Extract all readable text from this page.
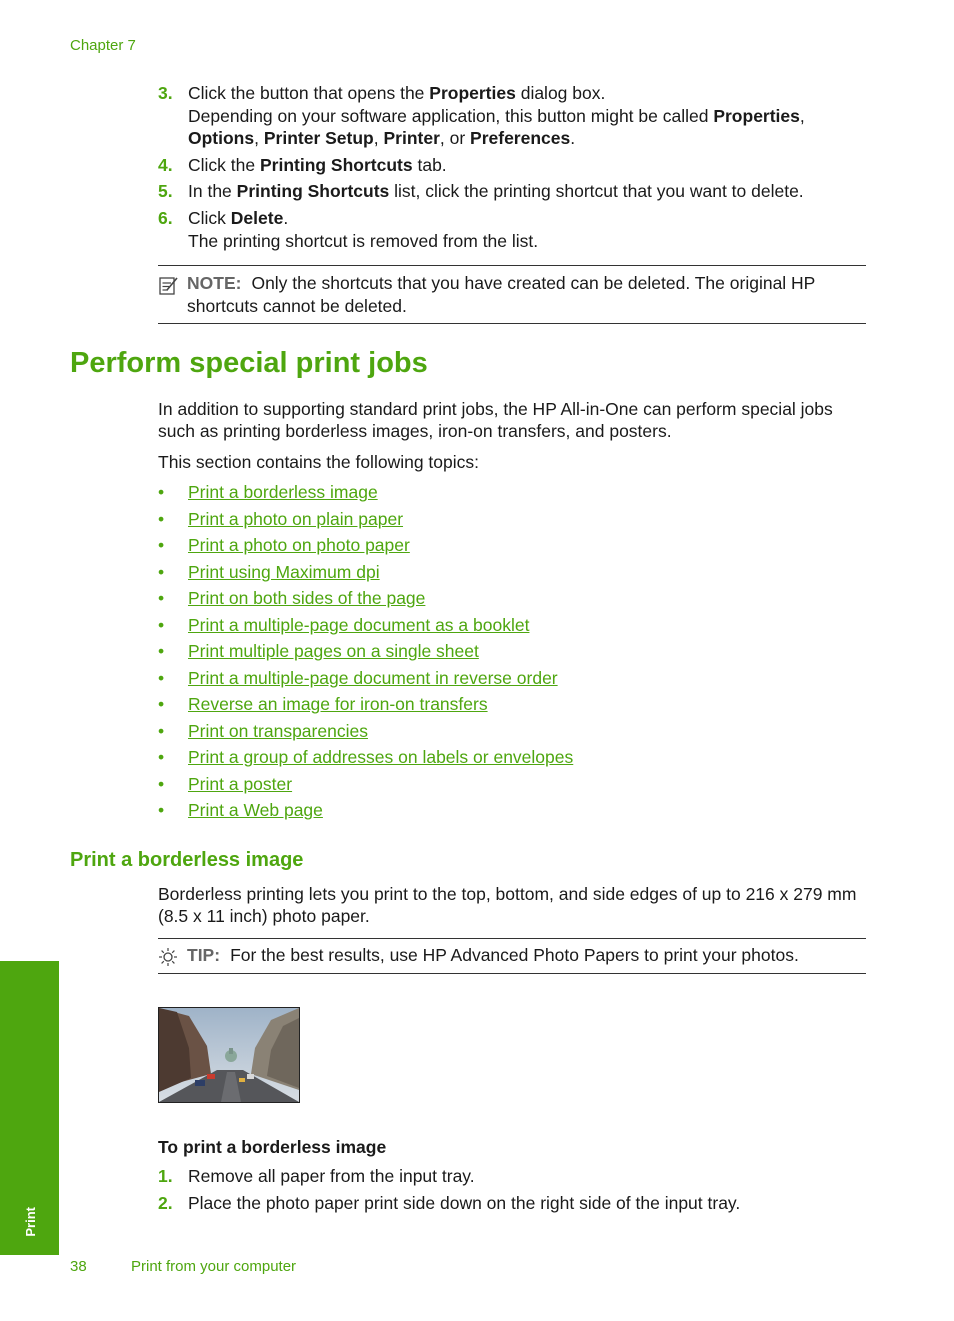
Chapter 7
3. Click the button that opens the Properties dialog box.

Depending on your software application, this button might be called Properties, Options, Printer Setup, Printer, or Preferences.

4. Click the Printing Shortcuts tab.

5. In the Printing Shortcuts list, click the printing shortcut that you want to delete.

6. Click Delete.

The printing shortcut is removed from the list.

NOTE: Only the shortcuts that you have created can be deleted. The original HP shortcuts cannot be deleted.
Perform special print jobs

In addition to supporting standard print jobs, the HP All-in-One can perform special jobs such as printing borderless images, iron-on transfers, and posters.

This section contains the following topics:

• Print a borderless image
• Print a photo on plain paper
• Print a photo on photo paper
• Print using Maximum dpi
• Print on both sides of the page
• Print a multiple-page document as a booklet
• Print multiple pages on a single sheet
• Print a multiple-page document in reverse order
• Reverse an image for iron-on transfers
• Print on transparencies
• Print a group of addresses on labels or envelopes
• Print a poster
• Print a Web page
Print a borderless image

Borderless printing lets you print to the top, bottom, and side edges of up to 216 x 279 mm (8.5 x 11 inch) photo paper.

TIP: For the best results, use HP Advanced Photo Papers to print your photos.

To print a borderless image

1. Remove all paper from the input tray.

2. Place the photo paper print side down on the right side of the input tray.

Print
38	Print from your computer
